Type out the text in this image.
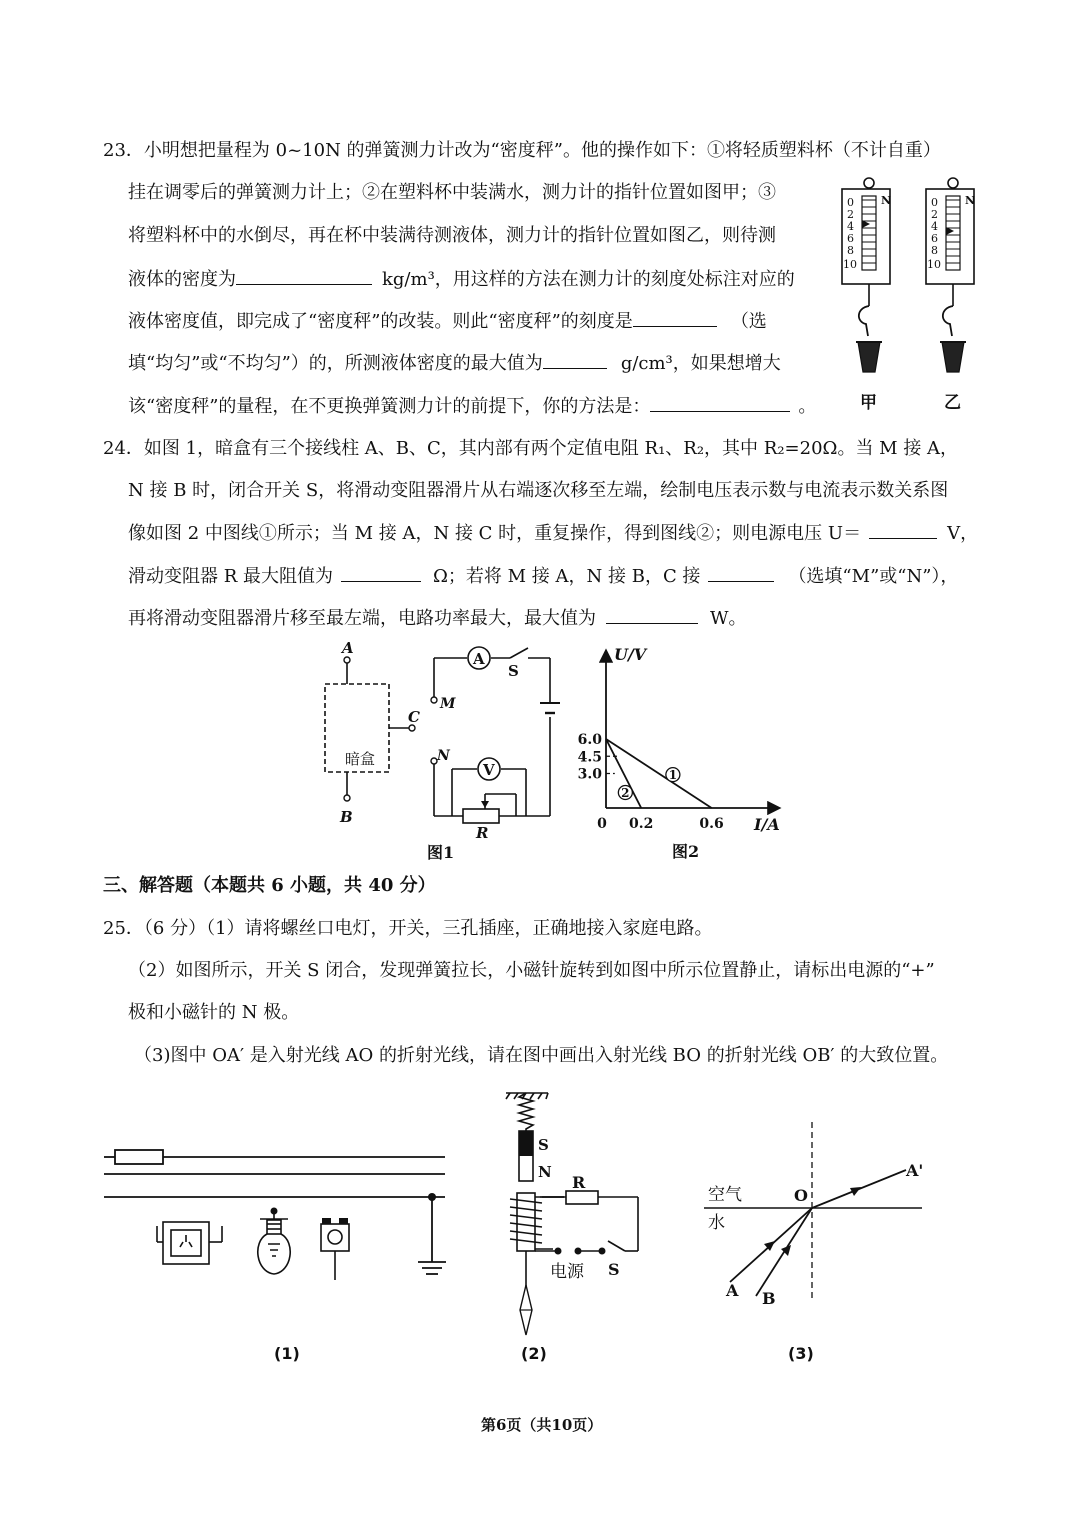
23．小明想把量程为 0~10N 的弹簧测力计改为“密度秤”。他的操作如下：①将轻质塑料杯（不计自重）
挂在调零后的弹簧测力计上；②在塑料杯中装满水，测力计的指针位置如图甲；③
将塑料杯中的水倒尽，再在杯中装满待测液体，测力计的指针位置如图乙，则待测
液体的密度为	kg/m³，用这样的方法在测力计的刻度处标注对应的
液体密度值，即完成了“密度秤”的改装。则此“密度秤”的刻度是	（选
填“均匀”或“不均匀”）的，所测液体密度的最大值为	g/cm³，如果想增大
该“密度秤”的量程，在不更换弹簧测力计的前提下，你的方法是：	。
N
0
2
4
6
8
10
甲
N
0
2
4
6
8
10
乙
24．如图 1，暗盒有三个接线柱 A、B、C，其内部有两个定值电阻 R₁、R₂，其中 R₂=20Ω。当 M 接 A，
N 接 B 时，闭合开关 S，将滑动变阻器滑片从右端逐次移至左端，绘制电压表示数与电流表示数关系图
像如图 2 中图线①所示；当 M 接 A，N 接 C 时，重复操作，得到图线②；则电源电压 U＝	V，
滑动变阻器 R 最大阻值为	Ω；若将 M 接 A，N 接 B，C 接	（选填“M”或“N”），
再将滑动变阻器滑片移至最左端，电路功率最大，最大值为	W。
A
V
A
B
C
M
N
S
R
暗盒
图1
U/V
I/A
图2
1
2
6.0
4.5
3.0
0 0.2	0.6
三、解答题（本题共 6 小题，共 40 分）
25．（6 分）（1）请将螺丝口电灯，开关，三孔插座，正确地接入家庭电路。
（2）如图所示，开关 S 闭合，发现弹簧拉长，小磁针旋转到如图中所示位置静止，请标出电源的“+”
极和小磁针的 N 极。
（3)图中 OA′ 是入射光线 AO 的折射光线，请在图中画出入射光线 BO 的折射光线 OB′ 的大致位置。
S
N
R
电源 S
空气
水
O
A'
A B
(1)	(2)	(3)
第6页（共10页）
